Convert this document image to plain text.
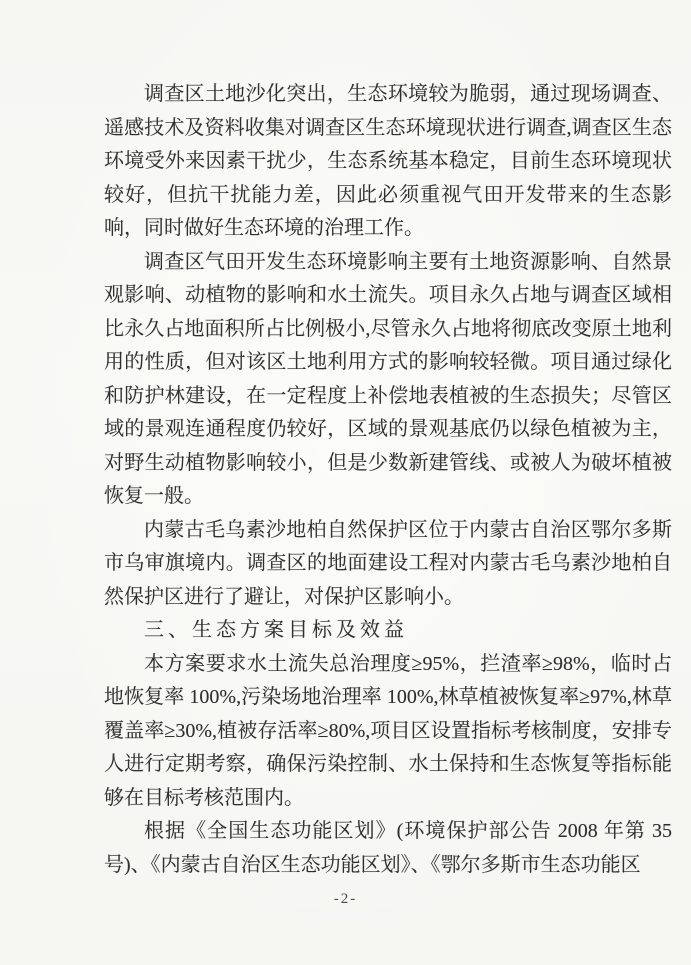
调查区土地沙化突出，生态环境较为脆弱，通过现场调查、遥感技术及资料收集对调查区生态环境现状进行调查,调查区生态环境受外来因素干扰少，生态系统基本稳定，目前生态环境现状较好，但抗干扰能力差，因此必须重视气田开发带来的生态影响，同时做好生态环境的治理工作。

调查区气田开发生态环境影响主要有土地资源影响、自然景观影响、动植物的影响和水土流失。项目永久占地与调查区域相比永久占地面积所占比例极小,尽管永久占地将彻底改变原土地利用的性质，但对该区土地利用方式的影响较轻微。项目通过绿化和防护林建设，在一定程度上补偿地表植被的生态损失；尽管区域的景观连通程度仍较好，区域的景观基底仍以绿色植被为主，对野生动植物影响较小，但是少数新建管线、或被人为破坏植被恢复一般。

内蒙古毛乌素沙地柏自然保护区位于内蒙古自治区鄂尔多斯市乌审旗境内。调查区的地面建设工程对内蒙古毛乌素沙地柏自然保护区进行了避让，对保护区影响小。

三、生态方案目标及效益

本方案要求水土流失总治理度≥95%，拦渣率≥98%，临时占地恢复率 100%,污染场地治理率 100%,林草植被恢复率≥97%,林草覆盖率≥30%,植被存活率≥80%,项目区设置指标考核制度，安排专人进行定期考察，确保污染控制、水土保持和生态恢复等指标能够在目标考核范围内。

根据《全国生态功能区划》(环境保护部公告 2008 年第 35 号)、《内蒙古自治区生态功能区划》、《鄂尔多斯市生态功能区

-2-
